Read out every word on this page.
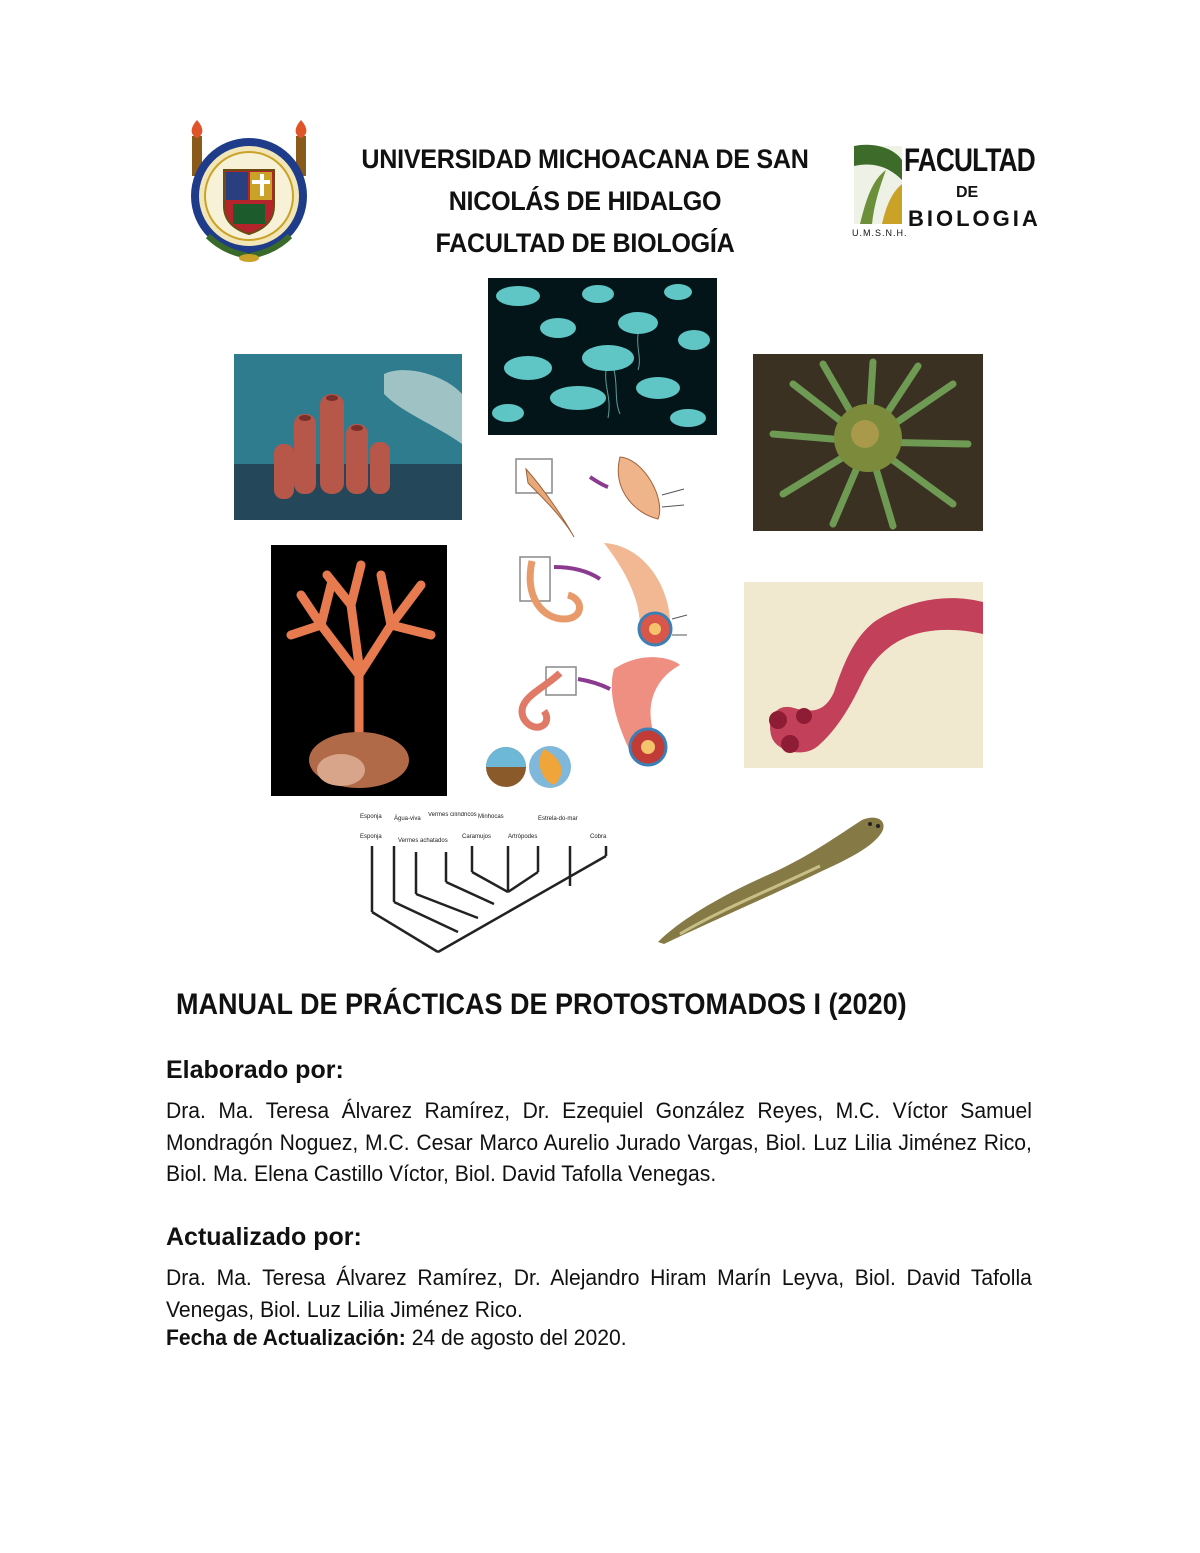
UNIVERSIDAD MICHOACANA DE SAN
NICOLÁS DE HIDALGO
FACULTAD DE BIOLOGÍA
FACULTAD
DE
BIOLOGIA
U.M.S.N.H.
Esponja Água-viva
Vermes cilíndricos Minhocas	Estrela-do-mar
Esponja
Vermes achatados
Caramujos	Artrópodes	Cobra
MANUAL DE PRÁCTICAS DE PROTOSTOMADOS I (2020)
Elaborado por:
Dra. Ma. Teresa Álvarez Ramírez, Dr. Ezequiel González Reyes, M.C. Víctor Samuel Mondragón Noguez, M.C. Cesar Marco Aurelio Jurado Vargas, Biol. Luz Lilia Jiménez Rico, Biol. Ma. Elena Castillo Víctor, Biol. David Tafolla Venegas.
Actualizado por:
Dra. Ma. Teresa Álvarez Ramírez, Dr. Alejandro Hiram Marín Leyva, Biol. David Tafolla Venegas, Biol. Luz Lilia Jiménez Rico.
Fecha de Actualización: 24 de agosto del 2020.
